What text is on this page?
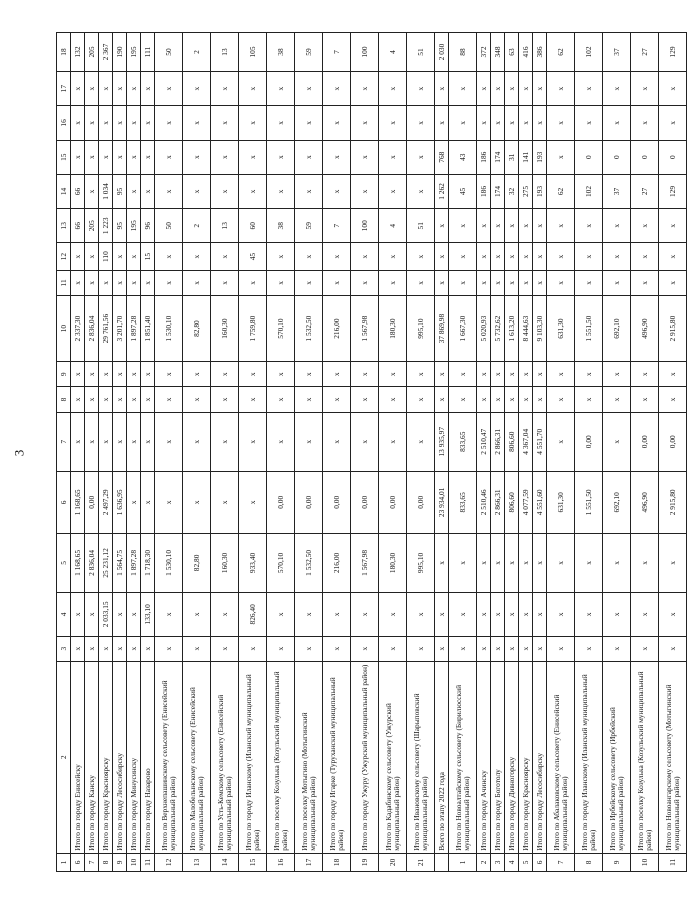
3
1	2	3	4	5	6	7	8	9	10	11	12	13	14	15	16	17	18
6	Итого по городу Енисейску	x	x	1 168,65	1 168,65	x	x	x	2 337,30	x	x	66	66	x	x	x	132
7	Итого по городу Канску	x	x	2 836,04	0,00	x	x	x	2 836,04	x	x	205	x	x	x	x	205
8	Итого по городу Красноярску	x	2 033,15	25 231,12	2 497,29	x	x	x	29 761,56	x	110	1 223	1 034	x	x	x	2 367
9	Итого по городу Лесосибирску	x	x	1 564,75	1 636,95	x	x	x	3 201,70	x	x	95	95	x	x	x	190
10	Итого по городу Минусинску	x	x	1 897,28	x	x	x	x	1 897,28	x	x	195	x	x	x	x	195
11	Итого по городу Назарово	x	133,10	1 718,30	x	x	x	x	1 851,40	x	15	96	x	x	x	x	111
12	Итого по Верхнепашинскому сельсовету (Енисейский муниципальный район)	x	x	1 530,10	x	x	x	x	1 530,10	x	x	50	x	x	x	x	50
13	Итого по Малобелынскому сельсовету (Енисейский муниципальный район)	x	x	82,80	x	x	x	x	82,80	x	x	2	x	x	x	x	2
14	Итого по Усть-Кемскому сельсовету (Енисейский муниципальный район)	x	x	160,30	x	x	x	x	160,30	x	x	13	x	x	x	x	13
15	Итого по городу Иланскому (Иланский муниципальный район)	x	826,40	933,40	x	x	x	x	1 759,80	x	45	60	x	x	x	x	105
16	Итого по поселку Козулька (Козульский муниципальный район)	x	x	570,10	0,00	x	x	x	570,10	x	x	38	x	x	x	x	38
17	Итого по поселку Мотыгино (Мотыгинский муниципальный район)	x	x	1 532,50	0,00	x	x	x	1 532,50	x	x	59	x	x	x	x	59
18	Итого по городу Игарке (Туруханский муниципальный район)	x	x	216,00	0,00	x	x	x	216,00	x	x	7	x	x	x	x	7
19	Итого по городу Ужуру (Ужурский муниципальный район)	x	x	1 567,98	0,00	x	x	x	1 567,98	x	x	100	x	x	x	x	100
20	Итого по Кадабинскому сельсовету (Ужурский муниципальный район)	x	x	180,30	0,00	x	x	x	180,30	x	x	4	x	x	x	x	4
21	Итого по Ивановскому сельсовету (Шарыповский муниципальный район)	x	x	995,10	0,00	x	x	x	995,10	x	x	51	x	x	x	x	51
	Всего по этапу 2022 года	x	x	x	23 934,01	13 935,97	x	x	37 869,98	x	x	x	1 262	768	x	x	2 030
1	Итого по Новоалтайскому сельсовету (Бирилюсский муниципальный район)	x	x	x	833,65	833,65	x	x	1 667,30	x	x	x	45	43	x	x	88
2	Итого по городу Ачинску	x	x	x	2 510,46	2 510,47	x	x	5 020,93	x	x	x	186	186	x	x	372
3	Итого по городу Боготолу	x	x	x	2 866,31	2 866,31	x	x	5 732,62	x	x	x	174	174	x	x	348
4	Итого по городу Дивногорску	x	x	x	806,60	806,60	x	x	1 613,20	x	x	x	32	31	x	x	63
5	Итого по городу Красноярску	x	x	x	4 077,59	4 367,04	x	x	8 444,63	x	x	x	275	141	x	x	416
6	Итого по городу Лесосибирску	x	x	x	4 551,60	4 551,70	x	x	9 103,30	x	x	x	193	193	x	x	386
7	Итого по Абалаковскому сельсовету (Енисейский муниципальный район)	x	x	x	631,30	x	x	x	631,30	x	x	x	62	x	x	x	62
8	Итого по городу Иланскому (Иланский муниципальный район)	x	x	x	1 551,50	0,00	x	x	1 551,50	x	x	x	102	0	x	x	102
9	Итого по Ирбейскому сельсовету (Ирбейский муниципальный район)	x	x	x	692,10	x	x	x	692,10	x	x	x	37	0	x	x	37
10	Итого по поселку Козулька (Козульский муниципальный район)	x	x	x	496,90	0,00	x	x	496,90	x	x	x	27	0	x	x	27
11	Итого по Новоангарскому сельсовету (Мотыгинский муниципальный район)	x	x	x	2 915,80	0,00	x	x	2 915,80	x	x	x	129	0	x	x	129
